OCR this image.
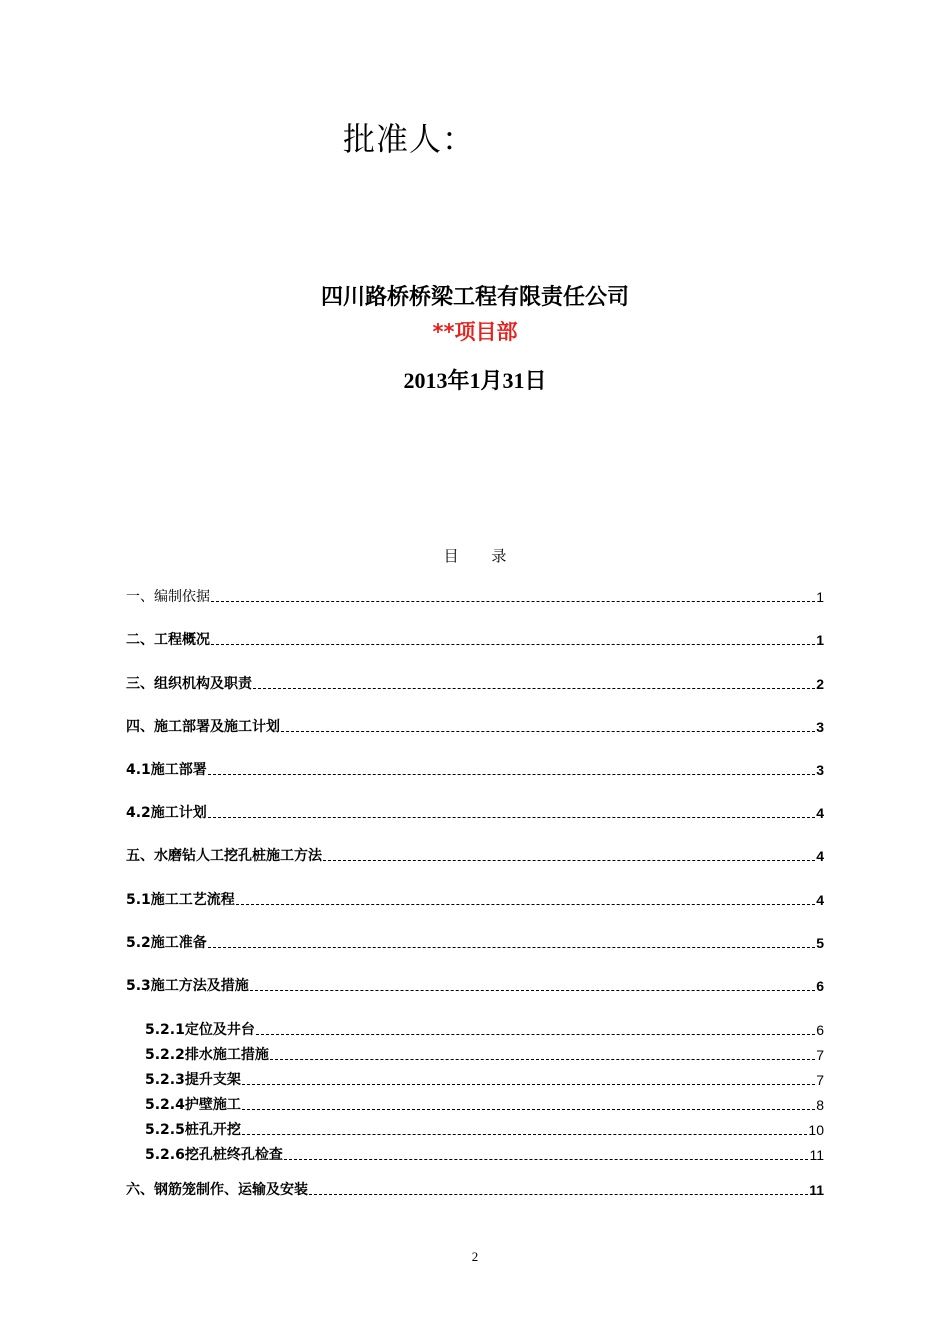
批准人：
四川路桥桥梁工程有限责任公司
**项目部
2013年1月31日
目 录
一、编制依据	1
二、工程概况	1
三、组织机构及职责	2
四、施工部署及施工计划	3
4.1施工部署	3
4.2施工计划	4
五、水磨钻人工挖孔桩施工方法	4
5.1施工工艺流程	4
5.2施工准备	5
5.3施工方法及措施	6
5.2.1定位及井台	6
5.2.2排水施工措施	7
5.2.3提升支架	7
5.2.4护壁施工	8
5.2.5桩孔开挖	10
5.2.6挖孔桩终孔检查	11
六、钢筋笼制作、运输及安装	11
2
